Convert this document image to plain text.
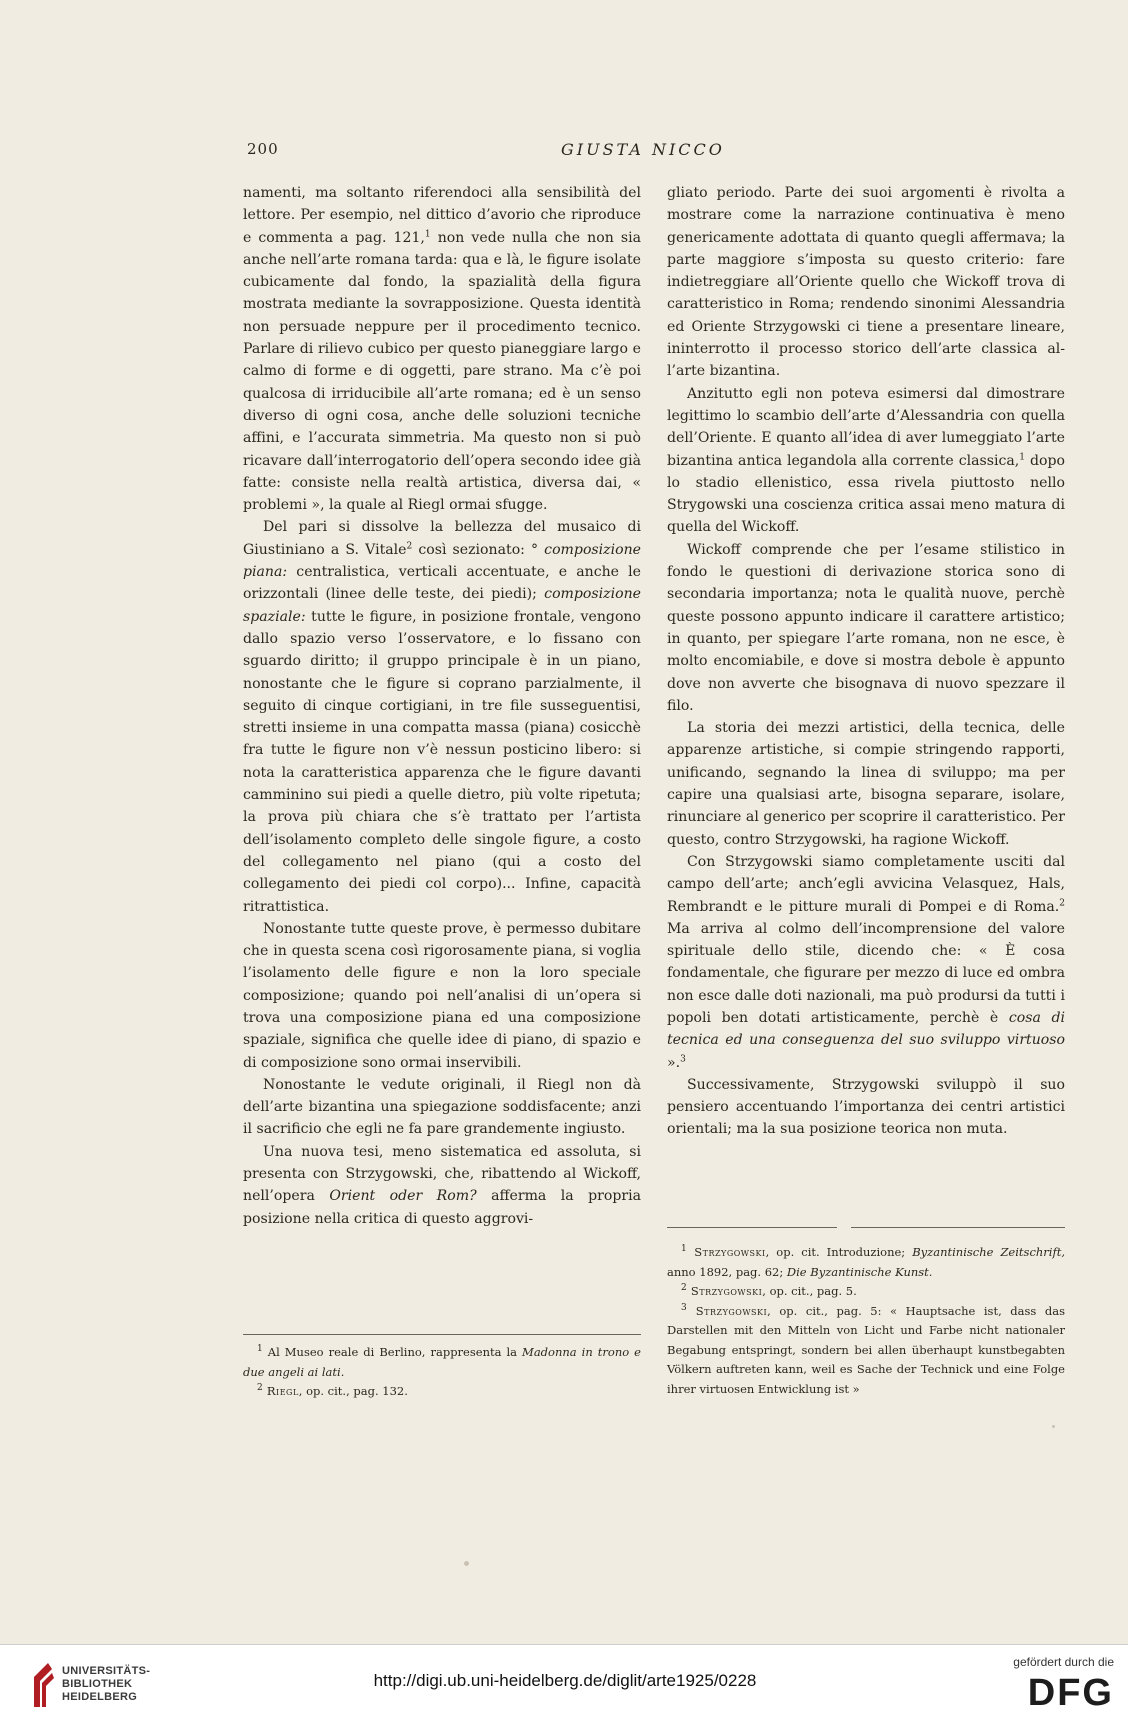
200	GIUSTA NICCO

namenti, ma soltanto riferendoci alla sensibilità del lettore. Per esempio, nel dittico d’avorio che riproduce e commenta a pag. 121,$^1$ non vede nulla che non sia anche nell’arte romana tarda: qua e là, le figure isolate cubicamente dal fondo, la spazialità della figura mostrata mediante la sovrapposizione. Questa identità non persuade neppure per il procedimento tecnico. Parlare di rilievo cubico per questo pianeggiare largo e calmo di forme e di oggetti, pare strano. Ma c’è poi qualcosa di irriducibile all’arte romana; ed è un senso diverso di ogni cosa, anche delle soluzioni tecniche affini, e l’accurata simmetria. Ma questo non si può ricavare dall’interrogatorio dell’opera secondo idee già fatte: consiste nella realtà artistica, diversa dai, « problemi », la quale al Riegl ormai sfugge.

Del pari si dissolve la bellezza del musaico di Giustiniano a S. Vitale$^2$ così sezionato: ° composizione piana: centralistica, verticali accentuate, e anche le orizzontali (linee delle teste, dei piedi); composizione spaziale: tutte le figure, in posizione frontale, vengono dallo spazio verso l’osservatore, e lo fissano con sguardo diritto; il gruppo principale è in un piano, nonostante che le figure si coprano parzialmente, il seguito di cinque cortigiani, in tre file susseguentisi, stretti insieme in una compatta massa (piana) cosicchè fra tutte le figure non v’è nessun posticino libero: si nota la caratteristica apparenza che le figure davanti camminino sui piedi a quelle dietro, più volte ripetuta; la prova più chiara che s’è trattato per l’artista dell’isolamento completo delle singole figure, a costo del collegamento nel piano (qui a costo del collegamento dei piedi col corpo)... Infine, capacità ritrattistica.

Nonostante tutte queste prove, è permesso dubitare che in questa scena così rigorosamente piana, si voglia l’isolamento delle figure e non la loro speciale composizione; quando poi nell’analisi di un’opera si trova una composizione piana ed una composizione spaziale, significa che quelle idee di piano, di spazio e di composizione sono ormai inservibili.

Nonostante le vedute originali, il Riegl non dà dell’arte bizantina una spiegazione soddisfacente; anzi il sacrificio che egli ne fa pare grandemente ingiusto.

Una nuova tesi, meno sistematica ed assoluta, si presenta con Strzygowski, che, ribattendo al Wickoff, nell’opera Orient oder Rom? afferma la propria posizione nella critica di questo aggrovi-

$^1$ Al Museo reale di Berlino, rappresenta la Madonna in trono e due angeli ai lati.

$^2$ Riegl, op. cit., pag. 132.

gliato periodo. Parte dei suoi argomenti è rivolta a mostrare come la narrazione continuativa è meno genericamente adottata di quanto quegli affermava; la parte maggiore s’imposta su questo criterio: fare indietreggiare all’Oriente quello che Wickoff trova di caratteristico in Roma; rendendo sinonimi Alessandria ed Oriente Strzygowski ci tiene a presentare lineare, ininterrotto il processo storico dell’arte classica all’arte bizantina.

Anzitutto egli non poteva esimersi dal dimostrare legittimo lo scambio dell’arte d’Alessandria con quella dell’Oriente. E quanto all’idea di aver lumeggiato l’arte bizantina antica legandola alla corrente classica,$^1$ dopo lo stadio ellenistico, essa rivela piuttosto nello Strygowski una coscienza critica assai meno matura di quella del Wickoff.

Wickoff comprende che per l’esame stilistico in fondo le questioni di derivazione storica sono di secondaria importanza; nota le qualità nuove, perchè queste possono appunto indicare il carattere artistico; in quanto, per spiegare l’arte romana, non ne esce, è molto encomiabile, e dove si mostra debole è appunto dove non avverte che bisognava di nuovo spezzare il filo.

La storia dei mezzi artistici, della tecnica, delle apparenze artistiche, si compie stringendo rapporti, unificando, segnando la linea di sviluppo; ma per capire una qualsiasi arte, bisogna separare, isolare, rinunciare al generico per scoprire il caratteristico. Per questo, contro Strzygowski, ha ragione Wickoff.

Con Strzygowski siamo completamente usciti dal campo dell’arte; anch’egli avvicina Velasquez, Hals, Rembrandt e le pitture murali di Pompei e di Roma.$^2$ Ma arriva al colmo dell’incomprensione del valore spirituale dello stile, dicendo che: « È cosa fondamentale, che figurare per mezzo di luce ed ombra non esce dalle doti nazionali, ma può prodursi da tutti i popoli ben dotati artisticamente, perchè è cosa di tecnica ed una conseguenza del suo sviluppo virtuoso ».$^3$

Successivamente, Strzygowski sviluppò il suo pensiero accentuando l’importanza dei centri artistici orientali; ma la sua posizione teorica non muta.

$^1$ Strzygowski, op. cit. Introduzione; Byzantinische Zeitschrift, anno 1892, pag. 62; Die Byzantinische Kunst.

$^2$ Strzygowski, op. cit., pag. 5.

$^3$ Strzygowski, op. cit., pag. 5: « Hauptsache ist, dass das Darstellen mit den Mitteln von Licht und Farbe nicht nationaler Begabung entspringt, sondern bei allen überhaupt kunstbegabten Völkern auftreten kann, weil es Sache der Technick und eine Folge ihrer virtuosen Entwicklung ist »

UNIVERSITÄTS-
BIBLIOTHEK
HEIDELBERG
http://digi.ub.uni-heidelberg.de/diglit/arte1925/0228
gefördert durch die
DFG
